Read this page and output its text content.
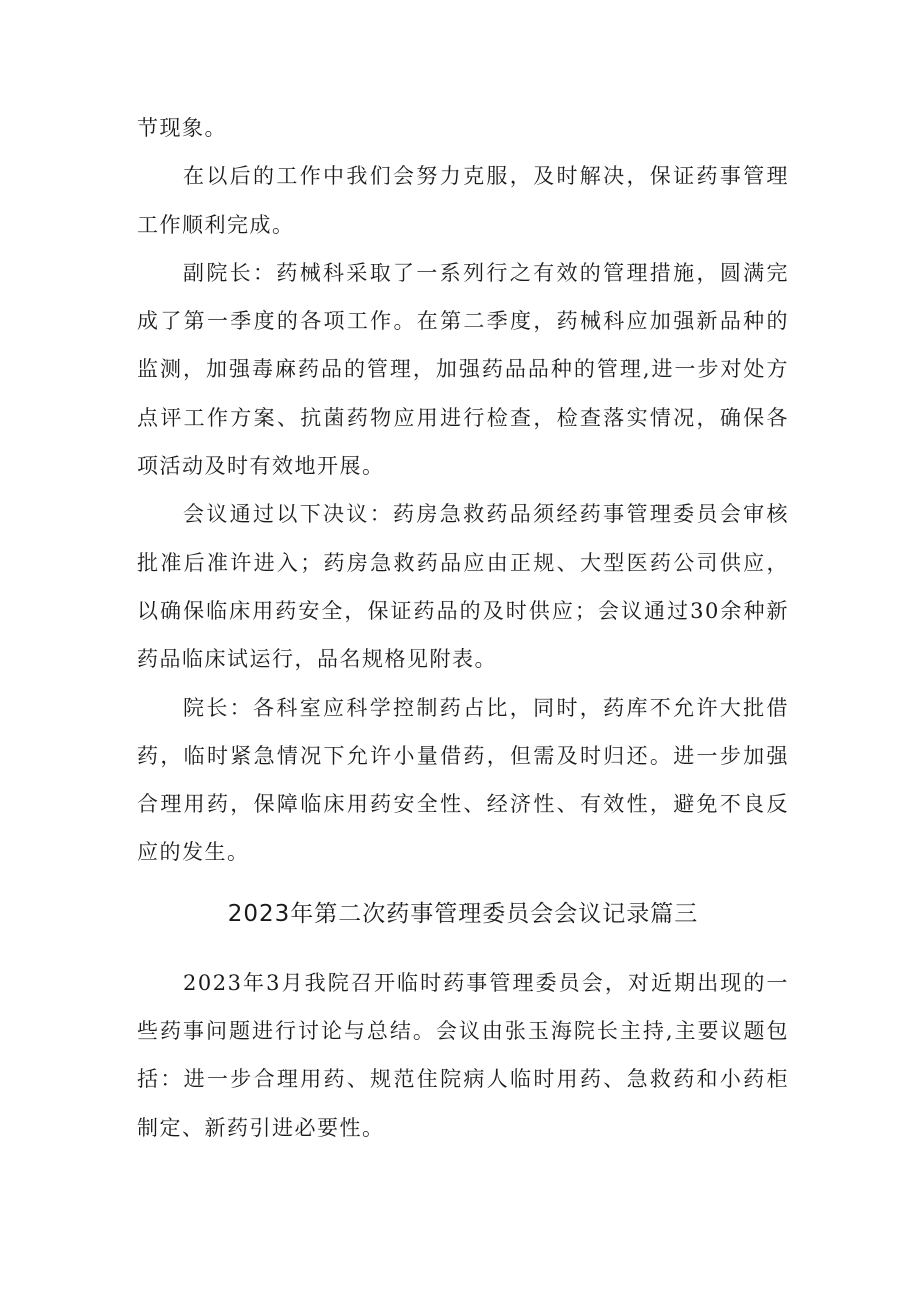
节现象。

在以后的工作中我们会努力克服，及时解决，保证药事管理工作顺利完成。

副院长：药械科采取了一系列行之有效的管理措施，圆满完成了第一季度的各项工作。在第二季度，药械科应加强新品种的监测，加强毒麻药品的管理，加强药品品种的管理,进一步对处方点评工作方案、抗菌药物应用进行检查，检查落实情况，确保各项活动及时有效地开展。

会议通过以下决议：药房急救药品须经药事管理委员会审核批准后准许进入；药房急救药品应由正规、大型医药公司供应，以确保临床用药安全，保证药品的及时供应；会议通过30余种新药品临床试运行，品名规格见附表。

院长：各科室应科学控制药占比，同时，药库不允许大批借药，临时紧急情况下允许小量借药，但需及时归还。进一步加强合理用药，保障临床用药安全性、经济性、有效性，避免不良反应的发生。

2023年第二次药事管理委员会会议记录篇三

2023年3月我院召开临时药事管理委员会，对近期出现的一些药事问题进行讨论与总结。会议由张玉海院长主持,主要议题包括：进一步合理用药、规范住院病人临时用药、急救药和小药柜制定、新药引进必要性。
